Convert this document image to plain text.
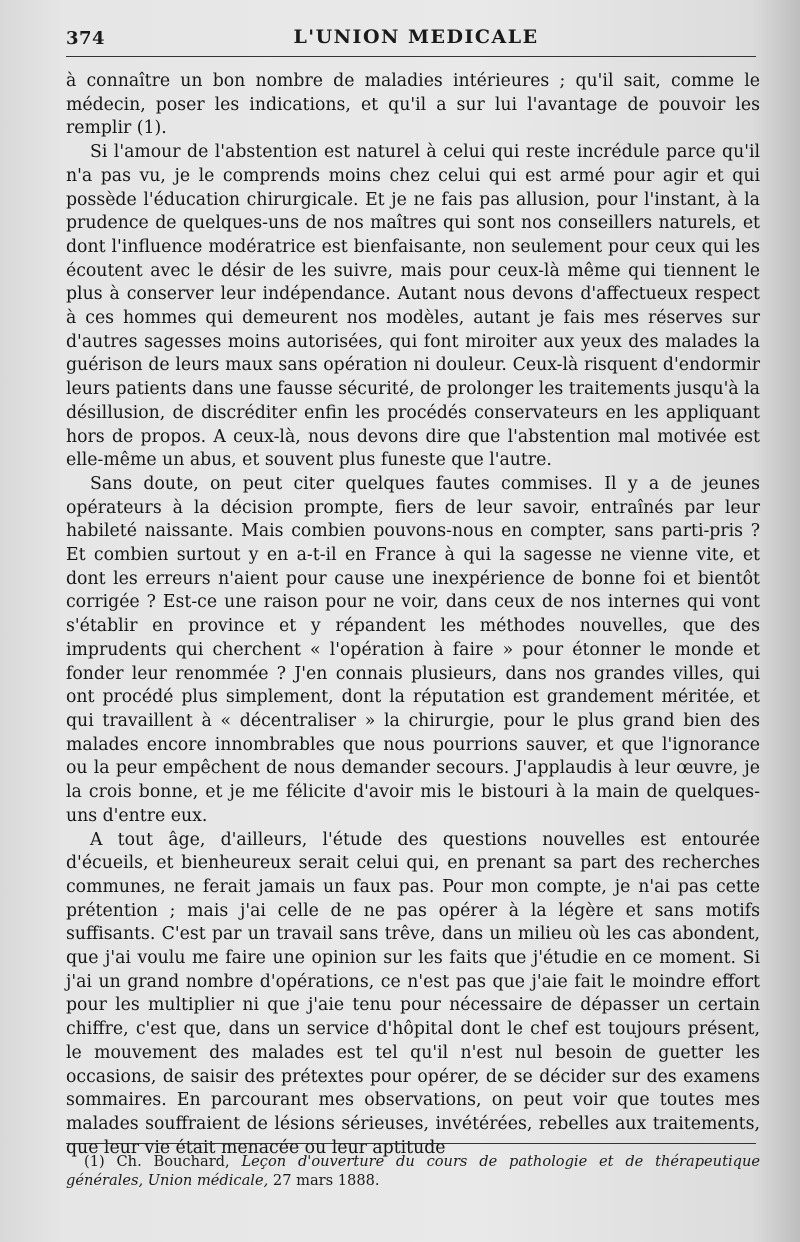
374	L'UNION MEDICALE

à connaître un bon nombre de maladies intérieures ; qu'il sait, comme le médecin, poser les indications, et qu'il a sur lui l'avantage de pouvoir les remplir (1).

Si l'amour de l'abstention est naturel à celui qui reste incrédule parce qu'il n'a pas vu, je le comprends moins chez celui qui est armé pour agir et qui possède l'éducation chirurgicale. Et je ne fais pas allusion, pour l'instant, à la prudence de quelques-uns de nos maîtres qui sont nos conseillers naturels, et dont l'influence modératrice est bienfaisante, non seulement pour ceux qui les écoutent avec le désir de les suivre, mais pour ceux-là même qui tiennent le plus à conserver leur indépendance. Autant nous devons d'affectueux respect à ces hommes qui demeurent nos modèles, autant je fais mes réserves sur d'autres sagesses moins autorisées, qui font miroiter aux yeux des malades la guérison de leurs maux sans opération ni douleur. Ceux-là risquent d'endormir leurs patients dans une fausse sécurité, de prolonger les traitements jusqu'à la désillusion, de discréditer enfin les procédés conservateurs en les appliquant hors de propos. A ceux-là, nous devons dire que l'abstention mal motivée est elle-même un abus, et souvent plus funeste que l'autre.

Sans doute, on peut citer quelques fautes commises. Il y a de jeunes opérateurs à la décision prompte, fiers de leur savoir, entraînés par leur habileté naissante. Mais combien pouvons-nous en compter, sans parti-pris ? Et combien surtout y en a-t-il en France à qui la sagesse ne vienne vite, et dont les erreurs n'aient pour cause une inexpérience de bonne foi et bientôt corrigée ? Est-ce une raison pour ne voir, dans ceux de nos internes qui vont s'établir en province et y répandent les méthodes nouvelles, que des imprudents qui cherchent « l'opération à faire » pour étonner le monde et fonder leur renommée ? J'en connais plusieurs, dans nos grandes villes, qui ont procédé plus simplement, dont la réputation est grandement méritée, et qui travaillent à « décentraliser » la chirurgie, pour le plus grand bien des malades encore innombrables que nous pourrions sauver, et que l'ignorance ou la peur empêchent de nous demander secours. J'applaudis à leur œuvre, je la crois bonne, et je me félicite d'avoir mis le bistouri à la main de quelques-uns d'entre eux.

A tout âge, d'ailleurs, l'étude des questions nouvelles est entourée d'écueils, et bienheureux serait celui qui, en prenant sa part des recherches communes, ne ferait jamais un faux pas. Pour mon compte, je n'ai pas cette prétention ; mais j'ai celle de ne pas opérer à la légère et sans motifs suffisants. C'est par un travail sans trêve, dans un milieu où les cas abondent, que j'ai voulu me faire une opinion sur les faits que j'étudie en ce moment. Si j'ai un grand nombre d'opérations, ce n'est pas que j'aie fait le moindre effort pour les multiplier ni que j'aie tenu pour nécessaire de dépasser un certain chiffre, c'est que, dans un service d'hôpital dont le chef est toujours présent, le mouvement des malades est tel qu'il n'est nul besoin de guetter les occasions, de saisir des prétextes pour opérer, de se décider sur des examens sommaires. En parcourant mes observations, on peut voir que toutes mes malades souffraient de lésions sérieuses, invétérées, rebelles aux traitements, que leur vie était menacée ou leur aptitude

(1) Ch. Bouchard, Leçon d'ouverture du cours de pathologie et de thérapeutique générales, Union médicale, 27 mars 1888.
